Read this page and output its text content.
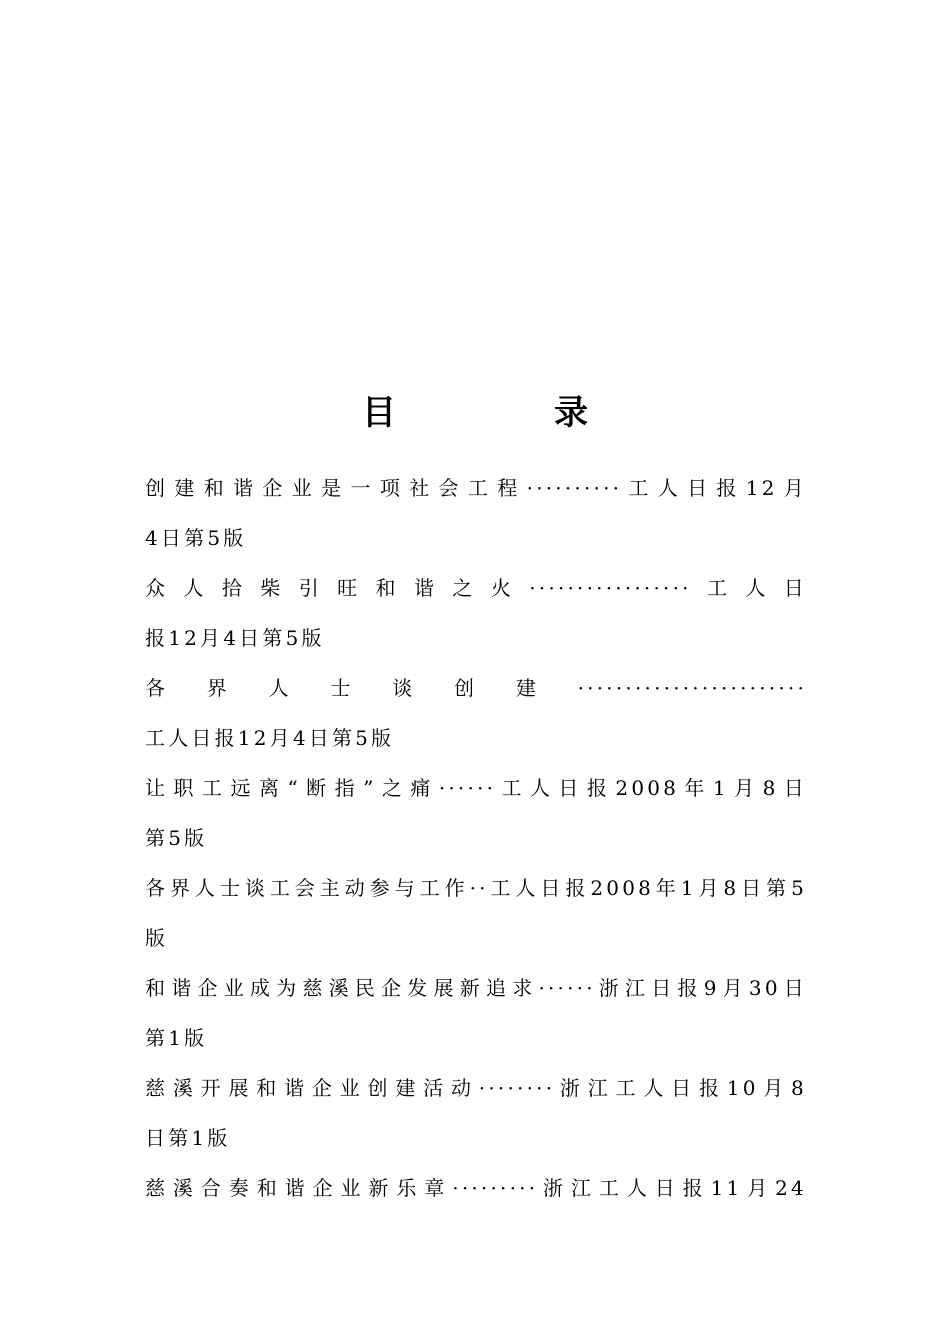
目　录
创建和谐企业是一项社会工程··········工人日报12月
4日第5版
众人拾柴引旺和谐之火·················工人日
报12月4日第5版
各界人士谈创建························
工人日报12月4日第5版
让职工远离“断指”之痛······工人日报2008年1月8日
第5版
各界人士谈工会主动参与工作··工人日报2008年1月8日第5
版
和谐企业成为慈溪民企发展新追求······浙江日报9月30日
第1版
慈溪开展和谐企业创建活动········浙江工人日报10月8
日第1版
慈溪合奏和谐企业新乐章·········浙江工人日报11月24
